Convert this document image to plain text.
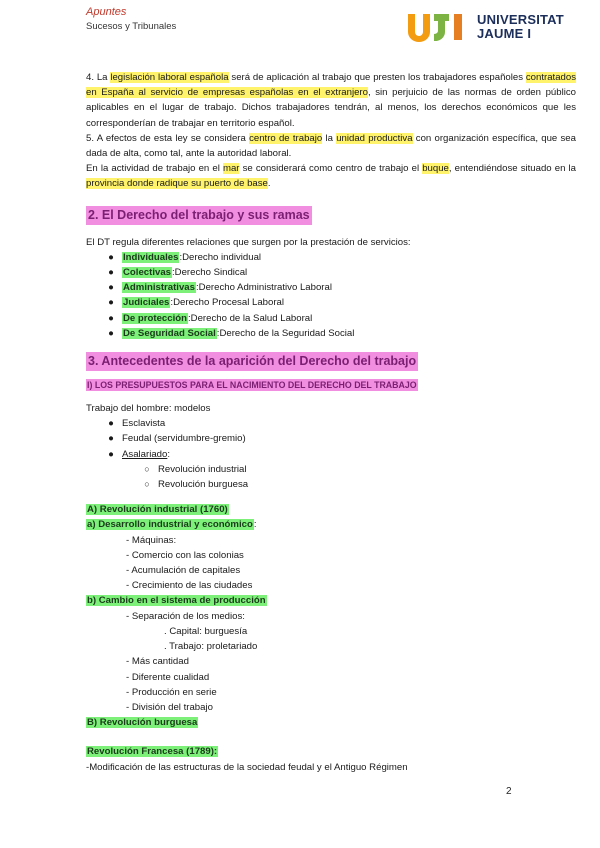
Apuntes
Sucesos y Tribunales	UNIVERSITAT
JAUME I
4. La legislación laboral española será de aplicación al trabajo que presten los trabajadores españoles contratados en España al servicio de empresas españolas en el extranjero, sin perjuicio de las normas de orden público aplicables en el lugar de trabajo. Dichos trabajadores tendrán, al menos, los derechos económicos que les corresponderían de trabajar en territorio español.
5. A efectos de esta ley se considera centro de trabajo la unidad productiva con organización específica, que sea dada de alta, como tal, ante la autoridad laboral.
En la actividad de trabajo en el mar se considerará como centro de trabajo el buque, entendiéndose situado en la provincia donde radique su puerto de base.
2. El Derecho del trabajo y sus ramas
El DT regula diferentes relaciones que surgen por la prestación de servicios:
● Individuales:Derecho individual
● Colectivas:Derecho Sindical
● Administrativas:Derecho Administrativo Laboral
● Judiciales:Derecho Procesal Laboral
● De protección:Derecho de la Salud Laboral
● De Seguridad Social:Derecho de la Seguridad Social
3. Antecedentes de la aparición del Derecho del trabajo
I) LOS PRESUPUESTOS PARA EL NACIMIENTO DEL DERECHO DEL TRABAJO
Trabajo del hombre: modelos
● Esclavista
● Feudal (servidumbre-gremio)
● Asalariado:
○ Revolución industrial
○ Revolución burguesa
A) Revolución industrial (1760)
a) Desarrollo industrial y económico:
- Máquinas:
- Comercio con las colonias
- Acumulación de capitales
- Crecimiento de las ciudades
b) Cambio en el sistema de producción
- Separación de los medios:
. Capital: burguesía
. Trabajo: proletariado
- Más cantidad
- Diferente cualidad
- Producción en serie
- División del trabajo
B) Revolución burguesa
Revolución Francesa (1789):
-Modificación de las estructuras de la sociedad feudal y el Antiguo Régimen
2
